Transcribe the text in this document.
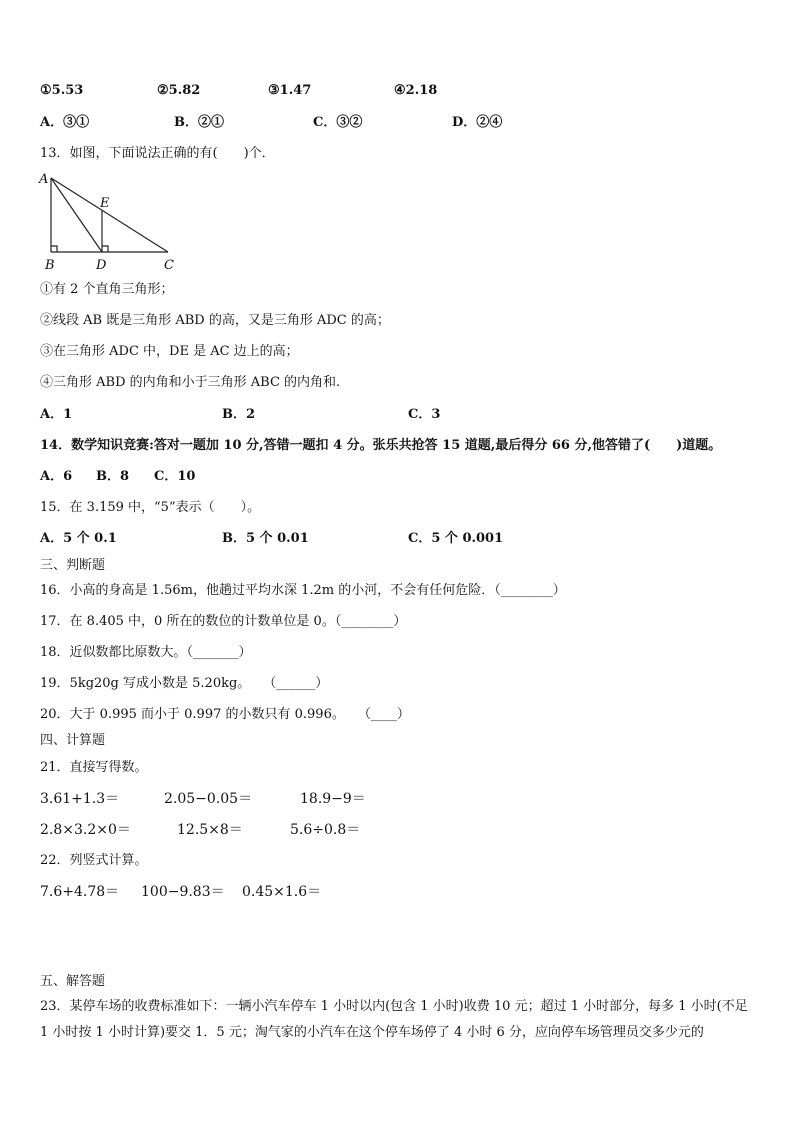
①5.53	②5.82	③1.47	④2.18
A．③①	B．②①	C．③②	D．②④
13．如图，下面说法正确的有(　　)个．
A
E
B	D	C
①有 2 个直角三角形；
②线段 AB 既是三角形 ABD 的高，又是三角形 ADC 的高；
③在三角形 ADC 中，DE 是 AC 边上的高；
④三角形 ABD 的内角和小于三角形 ABC 的内角和.
A．1	B．2	C．3
14．数学知识竞赛:答对一题加 10 分,答错一题扣 4 分。张乐共抢答 15 道题,最后得分 66 分,他答错了(　　)道题。
A．6 B．8 C．10
15．在 3.159 中，“5”表示（　　）。
A．5 个 0.1	B．5 个 0.01	C．5 个 0.001
三、判断题
16．小高的身高是 1.56m，他趟过平均水深 1.2m 的小河，不会有任何危险．（________）
17．在 8.405 中，0 所在的数位的计数单位是 0。（________）
18．近似数都比原数大。（_______）
19．5kg20g 写成小数是 5.20kg。　　（______）
20．大于 0.995 而小于 0.997 的小数只有 0.996。　　（____）
四、计算题
21．直接写得数。
3.61+1.3＝	2.05−0.05＝	18.9−9＝
2.8×3.2×0＝	12.5×8＝	5.6÷0.8＝
22．列竖式计算。
7.6+4.78＝ 100−9.83＝ 0.45×1.6＝
五、解答题
23．某停车场的收费标准如下：一辆小汽车停车 1 小时以内(包含 1 小时)收费 10 元；超过 1 小时部分，每多 1 小时(不足 1 小时按 1 小时计算)要交 1．5 元；淘气家的小汽车在这个停车场停了 4 小时 6 分，应向停车场管理员交多少元的
